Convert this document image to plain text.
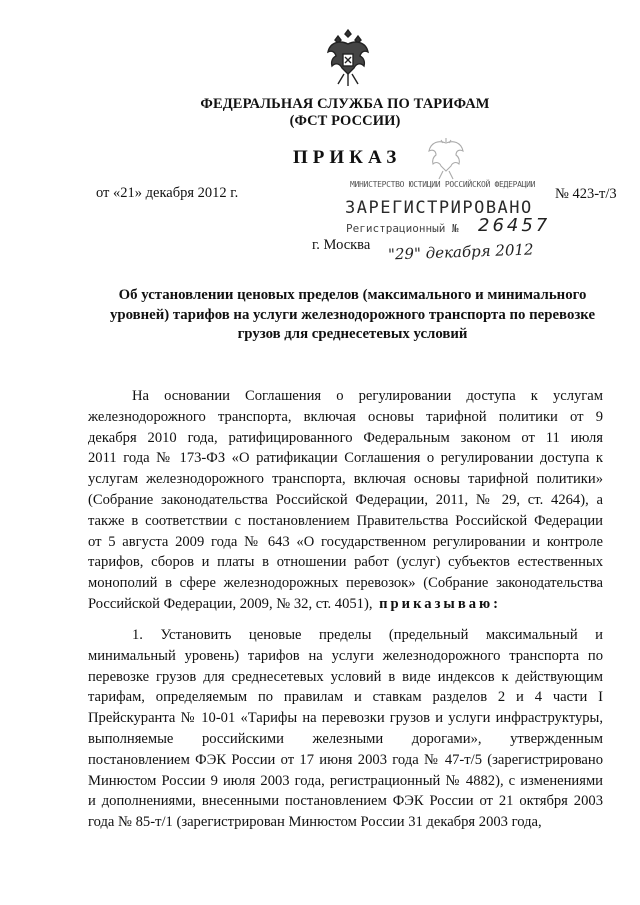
ФЕДЕРАЛЬНАЯ СЛУЖБА ПО ТАРИФАМ
(ФСТ РОССИИ)
ПРИКАЗ
от «21» декабря 2012 г.	№ 423-т/3
МИНИСТЕРСТВО ЮСТИЦИИ РОССИЙСКОЙ ФЕДЕРАЦИИ
ЗАРЕГИСТРИРОВАНО
Регистрационный № 26457
г. Москва "29" декабря 2012
Об установлении ценовых пределов (максимального и минимального уровней) тарифов на услуги железнодорожного транспорта по перевозке грузов для среднесетевых условий
На основании Соглашения о регулировании доступа к услугам
железнодорожного транспорта, включая основы тарифной политики от 9
декабря 2010 года, ратифицированного Федеральным законом от 11 июля
2011 года № 173-ФЗ «О ратификации Соглашения о регулировании доступа к
услугам железнодорожного транспорта, включая основы тарифной политики»
(Собрание законодательства Российской Федерации, 2011, № 29, ст. 4264), а
также в соответствии с постановлением Правительства Российской Федерации
от 5 августа 2009 года № 643 «О государственном регулировании и контроле
тарифов, сборов и платы в отношении работ (услуг) субъектов естественных
монополий в сфере железнодорожных перевозок» (Собрание законодательства
Российской Федерации, 2009, № 32, ст. 4051), приказываю:
1. Установить ценовые пределы (предельный максимальный и
минимальный уровень) тарифов на услуги железнодорожного транспорта по
перевозке грузов для среднесетевых условий в виде индексов к действующим
тарифам, определяемым по правилам и ставкам разделов 2 и 4 части I
Прейскуранта № 10-01 «Тарифы на перевозки грузов и услуги инфраструктуры,
выполняемые российскими железными дорогами», утвержденным
постановлением ФЭК России от 17 июня 2003 года № 47-т/5 (зарегистрировано
Минюстом России 9 июля 2003 года, регистрационный № 4882), с изменениями
и дополнениями, внесенными постановлением ФЭК России от 21 октября 2003
года № 85-т/1 (зарегистрирован Минюстом России 31 декабря 2003 года,
